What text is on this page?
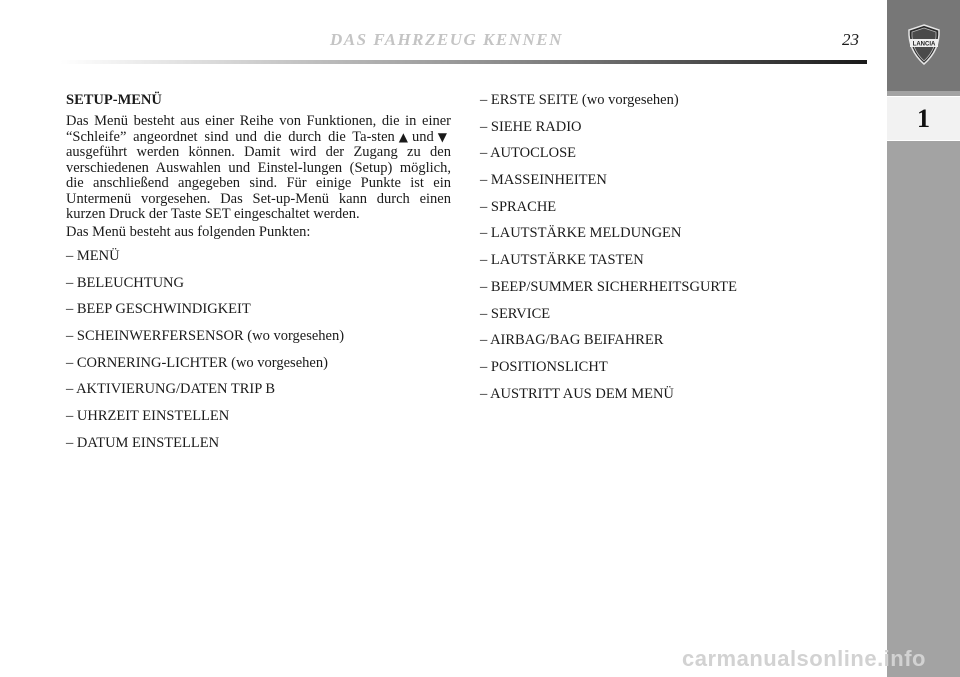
DAS FAHRZEUG KENNEN	23	LANCIA
1
SETUP-MENÜ

Das Menü besteht aus einer Reihe von Funktionen, die in einer “Schleife” angeordnet sind und die durch die Ta-sten ▲ und ▼ausgeführt werden können. Damit wird der Zugang zu den verschiedenen Auswahlen und Einstel-lungen (Setup) möglich, die anschließend angegeben sind. Für einige Punkte ist ein Untermenü vorgesehen. Das Set-up-Menü kann durch einen kurzen Druck der Taste SET eingeschaltet werden.

Das Menü besteht aus folgenden Punkten:

– MENÜ
– BELEUCHTUNG
– BEEP GESCHWINDIGKEIT
– SCHEINWERFERSENSOR (wo vorgesehen)
– CORNERING-LICHTER (wo vorgesehen)
– AKTIVIERUNG/DATEN TRIP B
– UHRZEIT EINSTELLEN
– DATUM EINSTELLEN
– ERSTE SEITE (wo vorgesehen)
– SIEHE RADIO
– AUTOCLOSE
– MASSEINHEITEN
– SPRACHE
– LAUTSTÄRKE MELDUNGEN
– LAUTSTÄRKE TASTEN
– BEEP/SUMMER SICHERHEITSGURTE
– SERVICE
– AIRBAG/BAG BEIFAHRER
– POSITIONSLICHT
– AUSTRITT AUS DEM MENÜ
carmanualsonline.info
